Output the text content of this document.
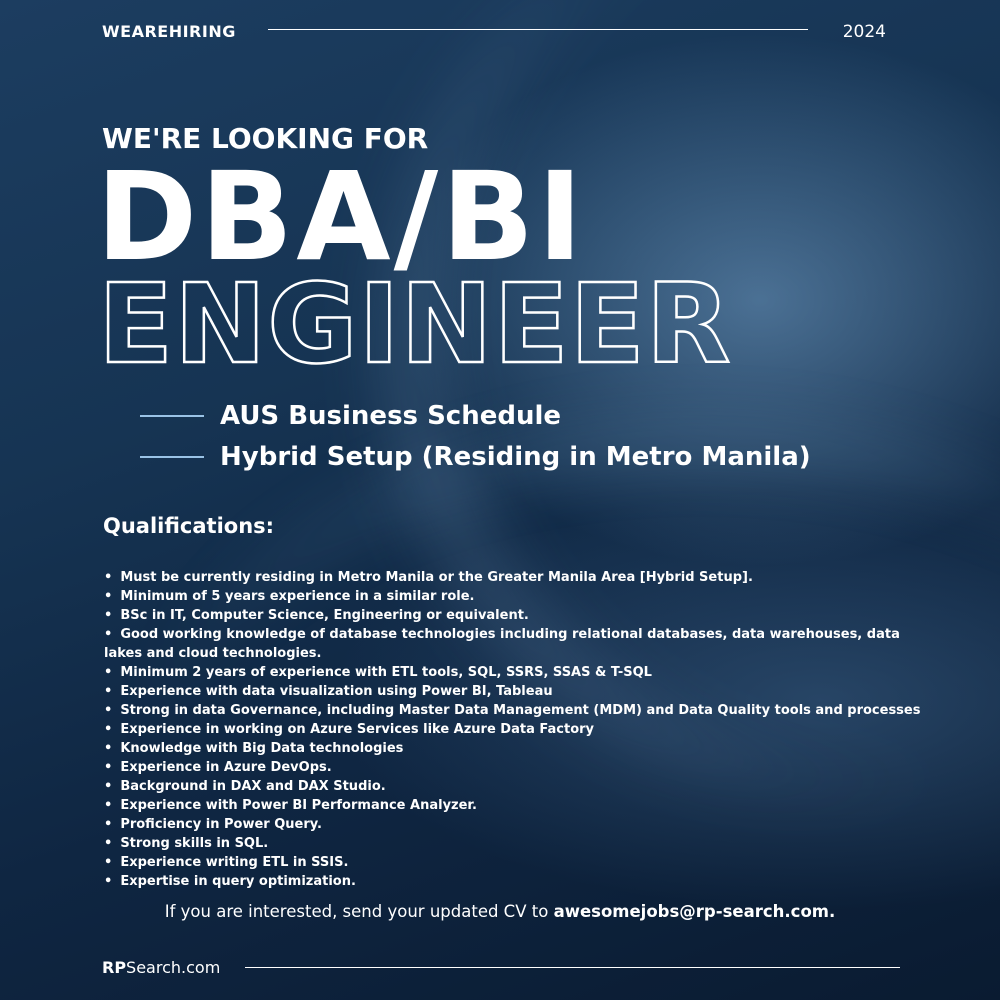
WEAREHIRING	2024
WE'RE LOOKING FOR
DBA/BI
ENGINEER
AUS Business Schedule
Hybrid Setup (Residing in Metro Manila)
Qualifications:
• Must be currently residing in Metro Manila or the Greater Manila Area [Hybrid Setup].
• Minimum of 5 years experience in a similar role.
• BSc in IT, Computer Science, Engineering or equivalent.
• Good working knowledge of database technologies including relational databases, data warehouses, data
lakes and cloud technologies.
• Minimum 2 years of experience with ETL tools, SQL, SSRS, SSAS & T-SQL
• Experience with data visualization using Power BI, Tableau
• Strong in data Governance, including Master Data Management (MDM) and Data Quality tools and processes
• Experience in working on Azure Services like Azure Data Factory
• Knowledge with Big Data technologies
• Experience in Azure DevOps.
• Background in DAX and DAX Studio.
• Experience with Power BI Performance Analyzer.
• Proficiency in Power Query.
• Strong skills in SQL.
• Experience writing ETL in SSIS.
• Expertise in query optimization.
If you are interested, send your updated CV to awesomejobs@rp-search.com.
RPSearch.com
